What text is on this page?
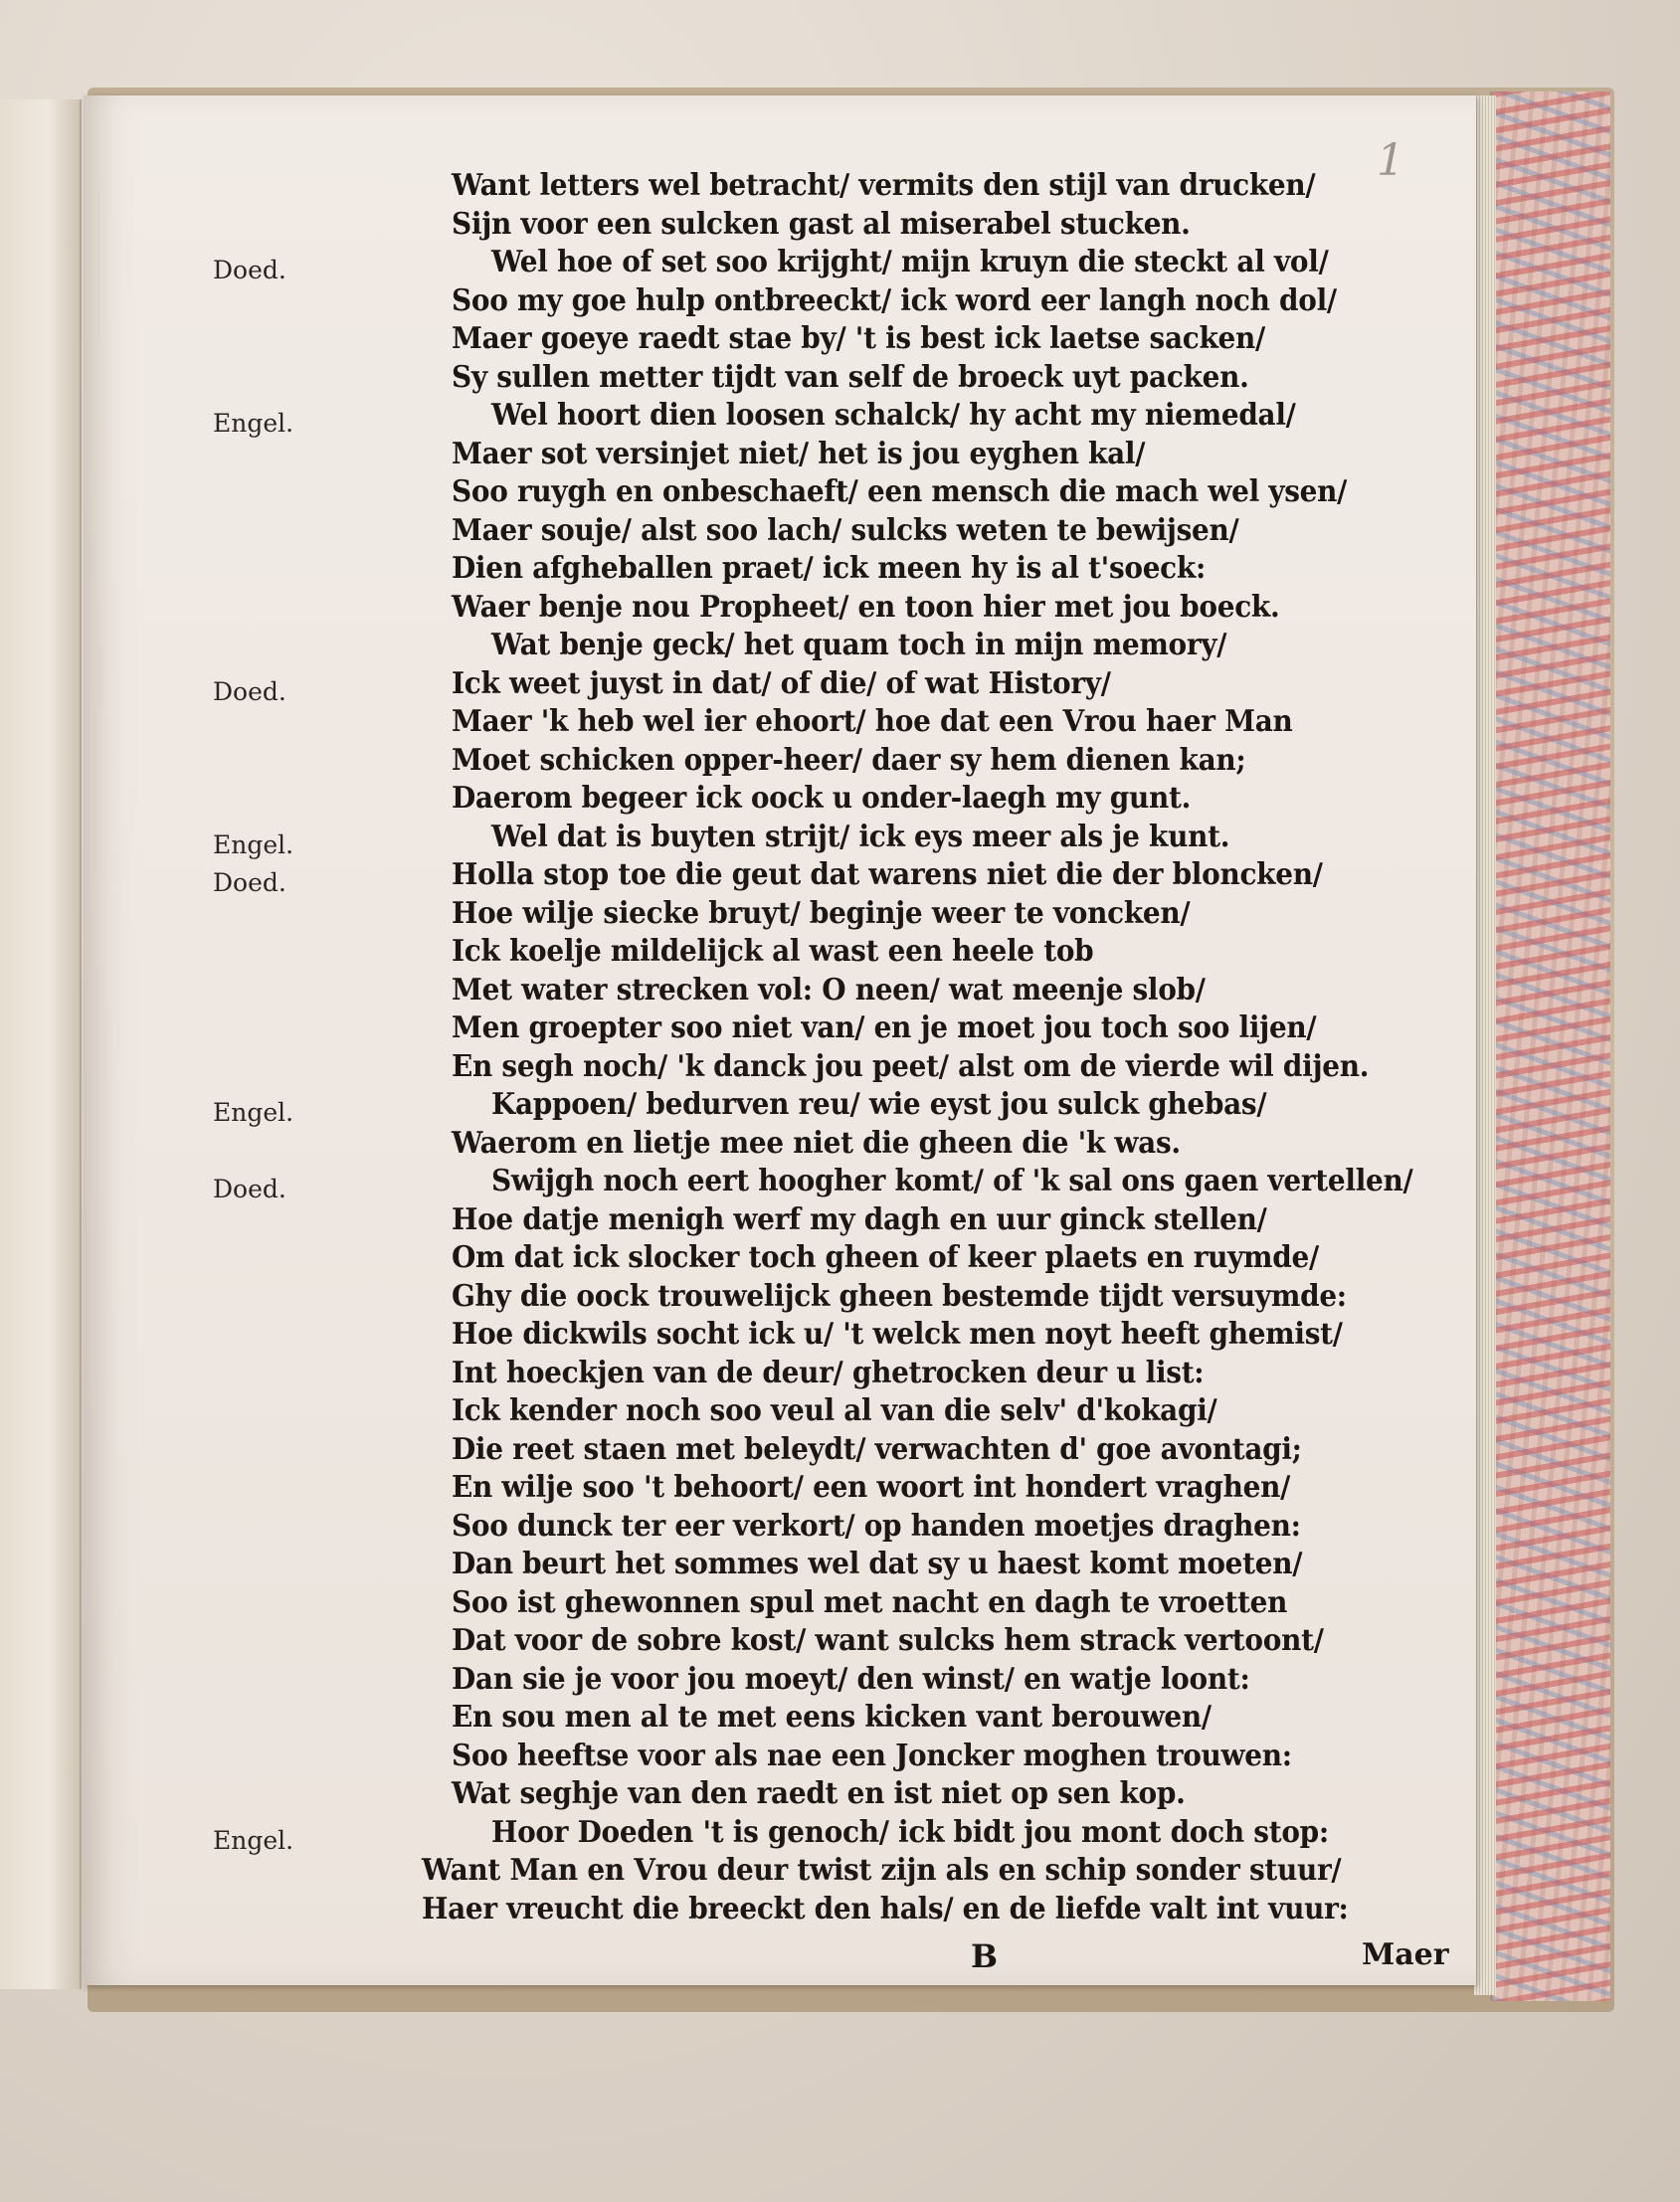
1
Want letters wel betracht/ vermits den stijl van drucken/
Sijn voor een sulcken gast al miserabel stucken.
Doed.	Wel hoe of set soo krijght/ mijn kruyn die steckt al vol/
Soo my goe hulp ontbreeckt/ ick word eer langh noch dol/
Maer goeye raedt stae by/ 't is best ick laetse sacken/
Sy sullen metter tijdt van self de broeck uyt packen.
Engel.	Wel hoort dien loosen schalck/ hy acht my niemedal/
Maer sot versinjet niet/ het is jou eyghen kal/
Soo ruygh en onbeschaeft/ een mensch die mach wel ysen/
Maer souje/ alst soo lach/ sulcks weten te bewijsen/
Dien afgheballen praet/ ick meen hy is al t'soeck:
Waer benje nou Propheet/ en toon hier met jou boeck.
Wat benje geck/ het quam toch in mijn memory/
Doed.	Ick weet juyst in dat/ of die/ of wat History/
Maer 'k heb wel ier ehoort/ hoe dat een Vrou haer Man
Moet schicken opper-heer/ daer sy hem dienen kan;
Daerom begeer ick oock u onder-laegh my gunt.
Engel.	Wel dat is buyten strijt/ ick eys meer als je kunt.
Doed.	Holla stop toe die geut dat warens niet die der bloncken/
Hoe wilje siecke bruyt/ beginje weer te voncken/
Ick koelje mildelijck al wast een heele tob
Met water strecken vol: O neen/ wat meenje slob/
Men groepter soo niet van/ en je moet jou toch soo lijen/
En segh noch/ 'k danck jou peet/ alst om de vierde wil dijen.
Engel.	Kappoen/ bedurven reu/ wie eyst jou sulck ghebas/
Waerom en lietje mee niet die gheen die 'k was.
Doed.	Swijgh noch eert hoogher komt/ of 'k sal ons gaen vertellen/
Hoe datje menigh werf my dagh en uur ginck stellen/
Om dat ick slocker toch gheen of keer plaets en ruymde/
Ghy die oock trouwelijck gheen bestemde tijdt versuymde:
Hoe dickwils socht ick u/ 't welck men noyt heeft ghemist/
Int hoeckjen van de deur/ ghetrocken deur u list:
Ick kender noch soo veul al van die selv' d'kokagi/
Die reet staen met beleydt/ verwachten d' goe avontagi;
En wilje soo 't behoort/ een woort int hondert vraghen/
Soo dunck ter eer verkort/ op handen moetjes draghen:
Dan beurt het sommes wel dat sy u haest komt moeten/
Soo ist ghewonnen spul met nacht en dagh te vroetten
Dat voor de sobre kost/ want sulcks hem strack vertoont/
Dan sie je voor jou moeyt/ den winst/ en watje loont:
En sou men al te met eens kicken vant berouwen/
Soo heeftse voor als nae een Joncker moghen trouwen:
Wat seghje van den raedt en ist niet op sen kop.
Engel.	Hoor Doeden 't is genoch/ ick bidt jou mont doch stop:
Want Man en Vrou deur twist zijn als en schip sonder stuur/
Haer vreucht die breeckt den hals/ en de liefde valt int vuur:
B	Maer
